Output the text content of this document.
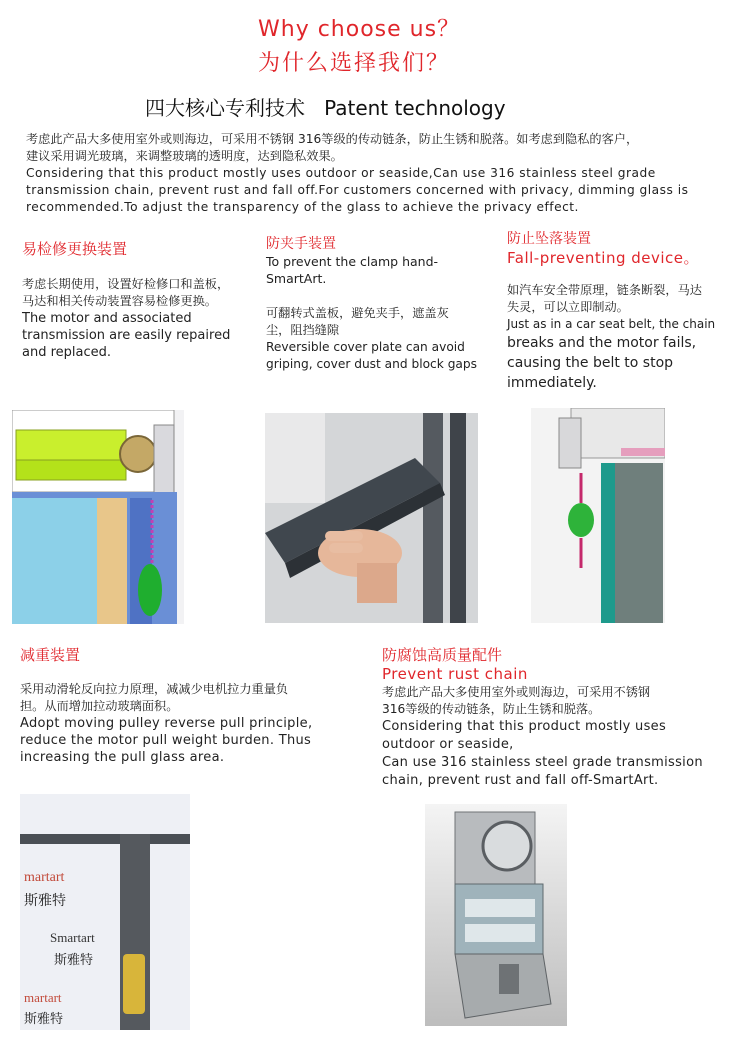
Why choose us？
为什么选择我们？
四大核心专利技术   Patent technology
考虑此产品大多使用室外或则海边，可采用不锈钢 316等级的传动链条，防止生锈和脱落。如考虑到隐私的客户，
建议采用调光玻璃，来调整玻璃的透明度，达到隐私效果。
Considering that this product mostly uses outdoor or seaside,Can use 316 stainless steel grade
transmission chain, prevent rust and fall off.For customers concerned with privacy, dimming glass is
recommended.To adjust the transparency of the glass to achieve the privacy effect.
易检修更换装置
考虑长期使用，设置好检修口和盖板，
马达和相关传动装置容易检修更换。
The motor and associated
transmission are easily repaired
and replaced.
防夹手装置
To prevent the clamp hand-
SmartArt.
可翻转式盖板，避免夹手，遮盖灰
尘，阻挡缝隙
Reversible cover plate can avoid
griping, cover dust and block gaps
防止坠落装置
Fall-preventing device。
如汽车安全带原理，链条断裂，马达
失灵，可以立即制动。
Just as in a car seat belt, the chain
breaks and the motor fails,
causing the belt to stop
immediately.
减重装置
采用动滑轮反向拉力原理，减减少电机拉力重量负
担。从而增加拉动玻璃面积。
Adopt moving pulley reverse pull principle,
reduce the motor pull weight burden. Thus
increasing the pull glass area.
防腐蚀高质量配件
Prevent rust chain
考虑此产品大多使用室外或则海边，可采用不锈钢
316等级的传动链条，防止生锈和脱落。
Considering that this product mostly uses
outdoor or seaside,
Can use 316 stainless steel grade transmission
chain, prevent rust and fall off-SmartArt.
martart
斯雅特
Smartart
斯雅特
martart
斯雅特
